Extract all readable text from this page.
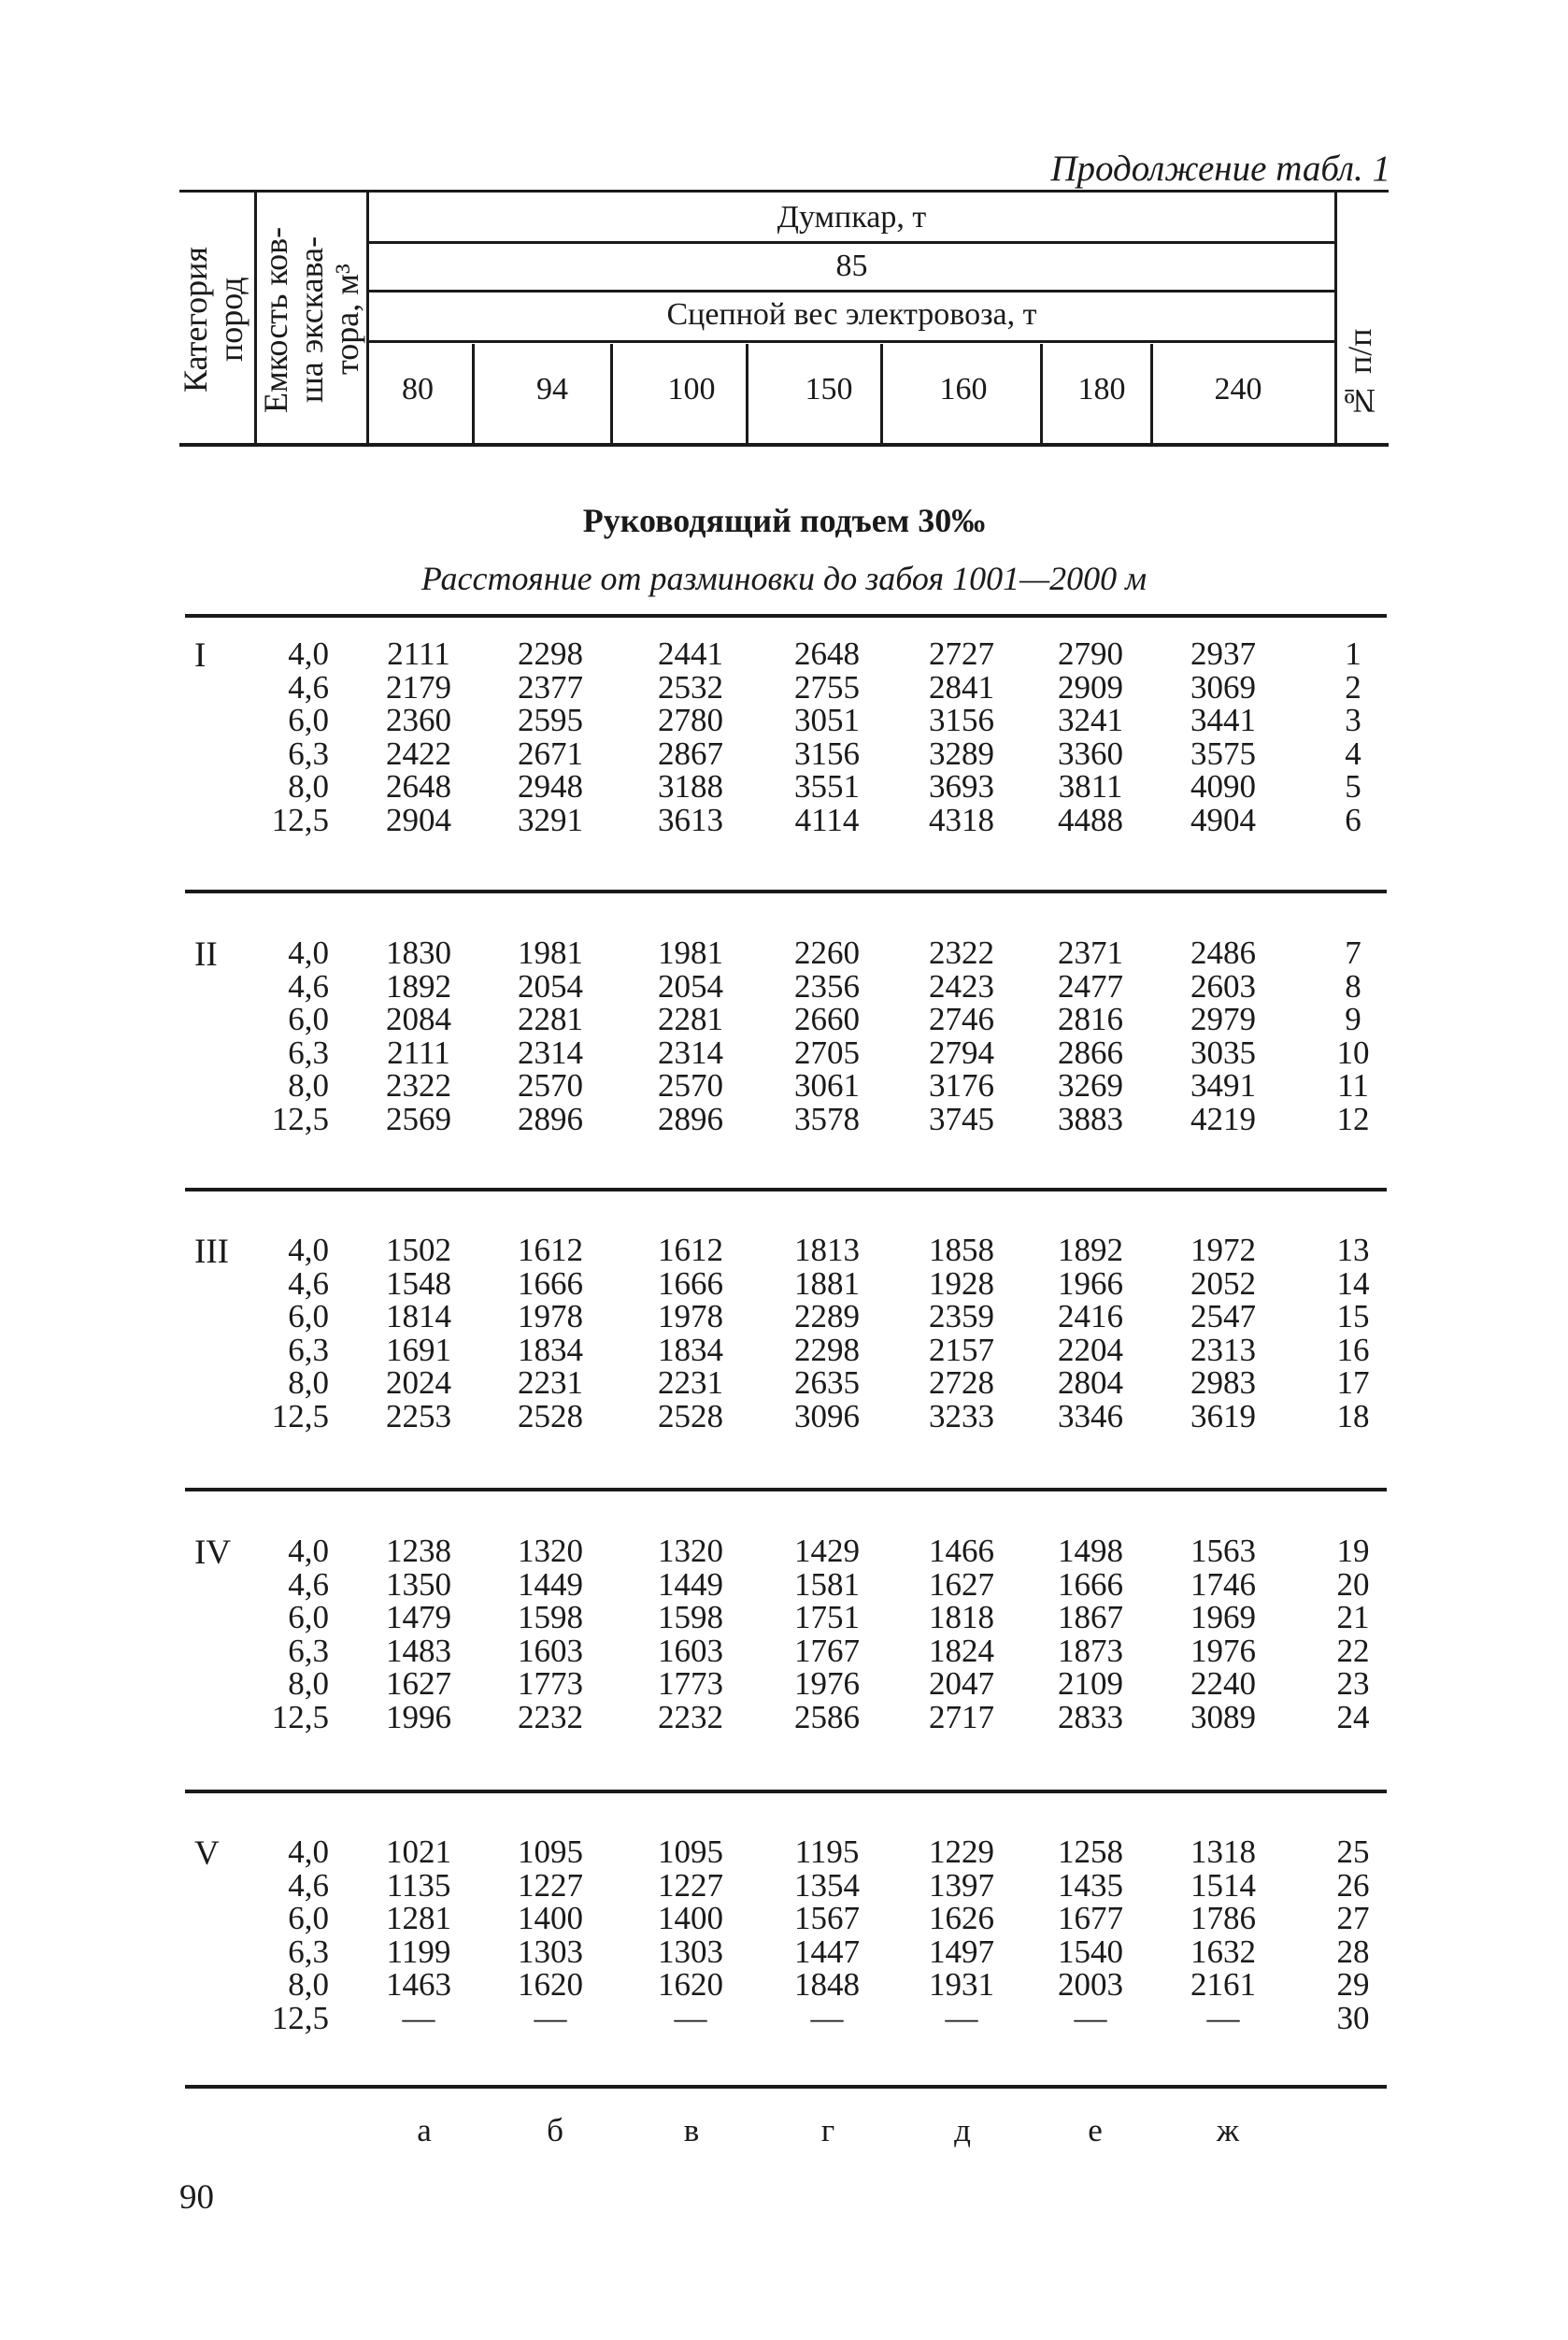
Продолжение табл. 1
Категория
пород Емкость ков-
ша экскава-
тора, м³
№ п/п
Думпкар, т
85
Сцепной вес электровоза, т
80	94	100	150	160	180	240
Руководящий подъем 30‰
Расстояние от разминовки до забоя 1001—2000 м
I	4,0	2111	2298	2441	2648	2727	2790	2937	1
4,6	2179	2377	2532	2755	2841	2909	3069	2
6,0	2360	2595	2780	3051	3156	3241	3441	3
6,3	2422	2671	2867	3156	3289	3360	3575	4
8,0	2648	2948	3188	3551	3693	3811	4090	5
12,5	2904	3291	3613	4114	4318	4488	4904	6
II	4,0	1830	1981	1981	2260	2322	2371	2486	7
4,6	1892	2054	2054	2356	2423	2477	2603	8
6,0	2084	2281	2281	2660	2746	2816	2979	9
6,3	2111	2314	2314	2705	2794	2866	3035	10
8,0	2322	2570	2570	3061	3176	3269	3491	11
12,5	2569	2896	2896	3578	3745	3883	4219	12
III	4,0	1502	1612	1612	1813	1858	1892	1972	13
4,6	1548	1666	1666	1881	1928	1966	2052	14
6,0	1814	1978	1978	2289	2359	2416	2547	15
6,3	1691	1834	1834	2298	2157	2204	2313	16
8,0	2024	2231	2231	2635	2728	2804	2983	17
12,5	2253	2528	2528	3096	3233	3346	3619	18
IV	4,0	1238	1320	1320	1429	1466	1498	1563	19
4,6	1350	1449	1449	1581	1627	1666	1746	20
6,0	1479	1598	1598	1751	1818	1867	1969	21
6,3	1483	1603	1603	1767	1824	1873	1976	22
8,0	1627	1773	1773	1976	2047	2109	2240	23
12,5	1996	2232	2232	2586	2717	2833	3089	24
V	4,0	1021	1095	1095	1195	1229	1258	1318	25
4,6	1135	1227	1227	1354	1397	1435	1514	26
6,0	1281	1400	1400	1567	1626	1677	1786	27
6,3	1199	1303	1303	1447	1497	1540	1632	28
8,0	1463	1620	1620	1848	1931	2003	2161	29
12,5	—	—	—	—	—	—	—	30
а	б	в	г	д	е	ж
90
